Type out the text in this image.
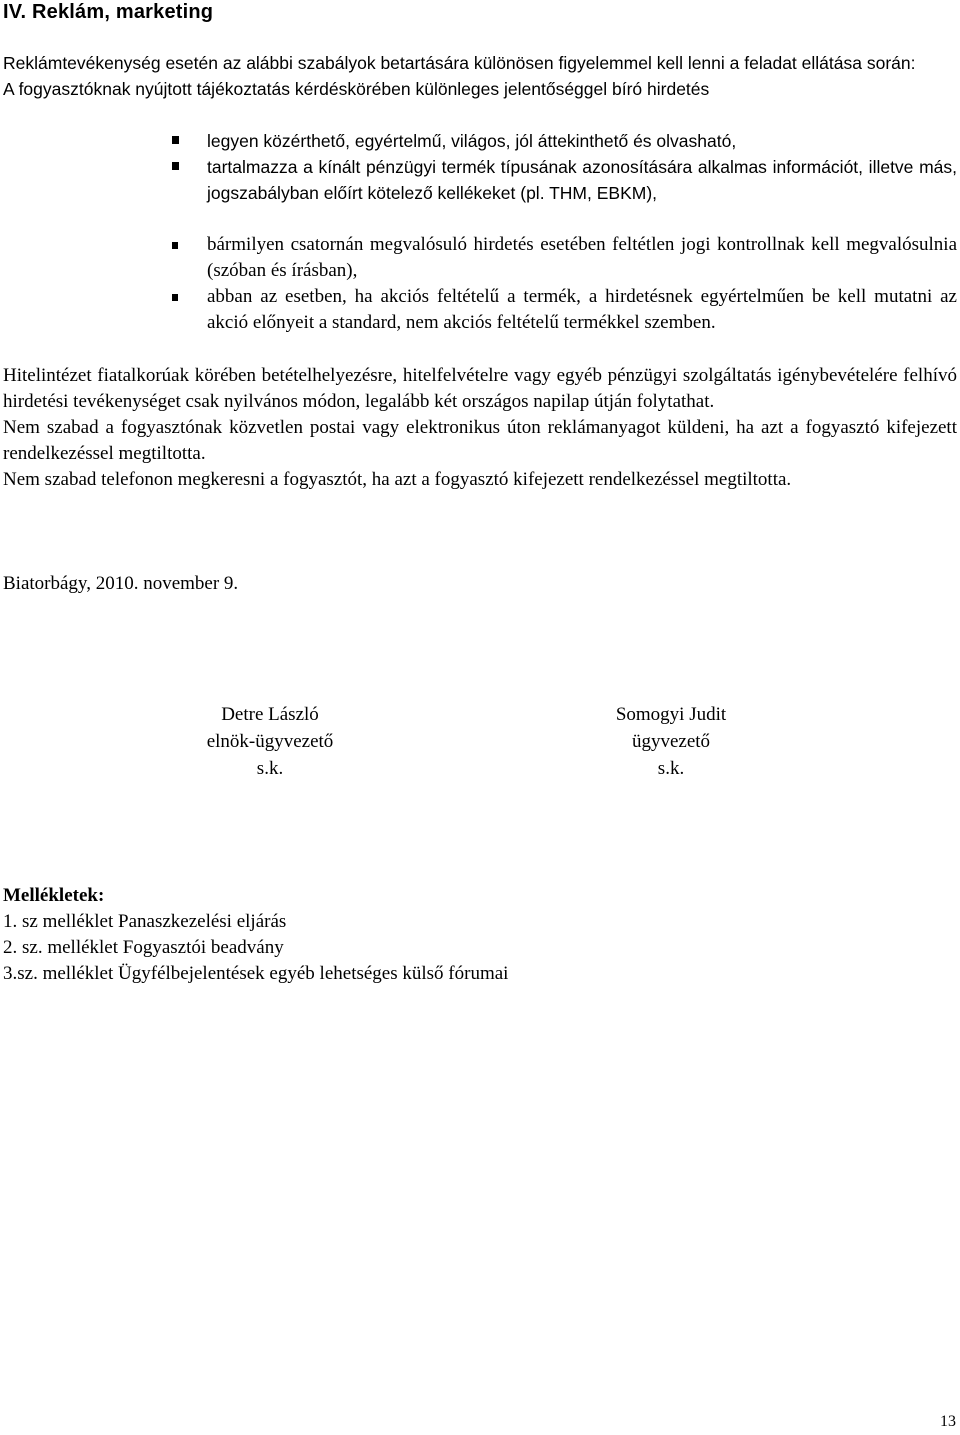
IV. Reklám, marketing
Reklámtevékenység esetén az alábbi szabályok betartására különösen figyelemmel kell lenni a feladat ellátása során:
A fogyasztóknak nyújtott tájékoztatás kérdéskörében különleges jelentőséggel bíró hirdetés
legyen közérthető, egyértelmű, világos, jól áttekinthető és olvasható,
tartalmazza a kínált pénzügyi termék típusának azonosítására alkalmas információt, illetve más, jogszabályban előírt kötelező kellékeket (pl. THM, EBKM),
bármilyen csatornán megvalósuló hirdetés esetében feltétlen jogi kontrollnak kell megvalósulnia (szóban és írásban),
abban az esetben, ha akciós feltételű a termék, a hirdetésnek egyértelműen be kell mutatni az akció előnyeit a standard, nem akciós feltételű termékkel szemben.
Hitelintézet fiatalkorúak körében betételhelyezésre, hitelfelvételre vagy egyéb pénzügyi szolgáltatás igénybevételére felhívó hirdetési tevékenységet csak nyilvános módon, legalább két országos napilap útján folytathat.
Nem szabad a fogyasztónak közvetlen postai vagy elektronikus úton reklámanyagot küldeni, ha azt a fogyasztó kifejezett rendelkezéssel megtiltotta.
Nem szabad telefonon megkeresni a fogyasztót, ha azt a fogyasztó kifejezett rendelkezéssel megtiltotta.
Biatorbágy, 2010. november 9.
Detre László
elnök-ügyvezető
s.k.
Somogyi Judit
ügyvezető
s.k.
Mellékletek:
1. sz melléklet Panaszkezelési eljárás
2. sz. melléklet Fogyasztói beadvány
3.sz. melléklet Ügyfélbejelentések egyéb lehetséges külső fórumai
13
